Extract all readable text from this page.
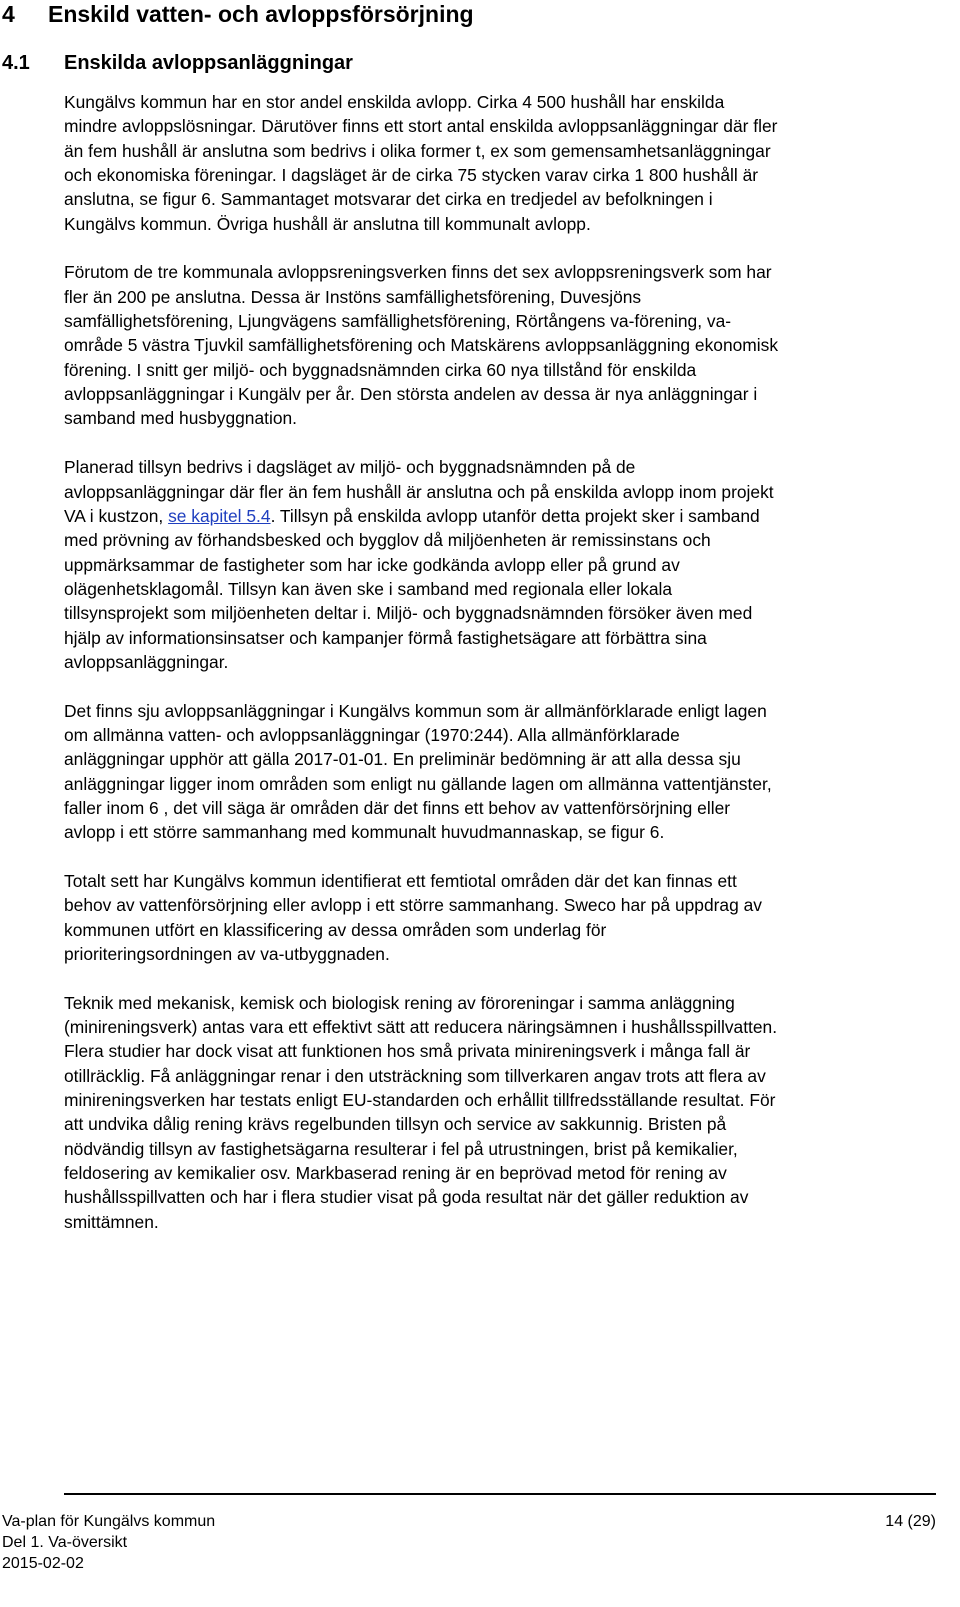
4 Enskild vatten- och avloppsförsörjning
4.1 Enskilda avloppsanläggningar
Kungälvs kommun har en stor andel enskilda avlopp. Cirka 4 500 hushåll har enskilda
mindre avloppslösningar. Därutöver finns ett stort antal enskilda avloppsanläggningar där fler
än fem hushåll är anslutna som bedrivs i olika former t, ex som gemensamhetsanläggningar
och ekonomiska föreningar. I dagsläget är de cirka 75 stycken varav cirka 1 800 hushåll är
anslutna, se figur 6. Sammantaget motsvarar det cirka en tredjedel av befolkningen i
Kungälvs kommun. Övriga hushåll är anslutna till kommunalt avlopp.
Förutom de tre kommunala avloppsreningsverken finns det sex avloppsreningsverk som har
fler än 200 pe anslutna. Dessa är Instöns samfällighetsförening, Duvesjöns
samfällighetsförening, Ljungvägens samfällighetsförening, Rörtångens va-förening, va-
område 5 västra Tjuvkil samfällighetsförening och Matskärens avloppsanläggning ekonomisk
förening. I snitt ger miljö- och byggnadsnämnden cirka 60 nya tillstånd för enskilda
avloppsanläggningar i Kungälv per år. Den största andelen av dessa är nya anläggningar i
samband med husbyggnation.
Planerad tillsyn bedrivs i dagsläget av miljö- och byggnadsnämnden på de
avloppsanläggningar där fler än fem hushåll är anslutna och på enskilda avlopp inom projekt
VA i kustzon, se kapitel 5.4. Tillsyn på enskilda avlopp utanför detta projekt sker i samband
med prövning av förhandsbesked och bygglov då miljöenheten är remissinstans och
uppmärksammar de fastigheter som har icke godkända avlopp eller på grund av
olägenhetsklagomål. Tillsyn kan även ske i samband med regionala eller lokala
tillsynsprojekt som miljöenheten deltar i. Miljö- och byggnadsnämnden försöker även med
hjälp av informationsinsatser och kampanjer förmå fastighetsägare att förbättra sina
avloppsanläggningar.
Det finns sju avloppsanläggningar i Kungälvs kommun som är allmänförklarade enligt lagen
om allmänna vatten- och avloppsanläggningar (1970:244). Alla allmänförklarade
anläggningar upphör att gälla 2017-01-01. En preliminär bedömning är att alla dessa sju
anläggningar ligger inom områden som enligt nu gällande lagen om allmänna vattentjänster,
faller inom 6 , det vill säga är områden där det finns ett behov av vattenförsörjning eller
avlopp i ett större sammanhang med kommunalt huvudmannaskap, se figur 6.
Totalt sett har Kungälvs kommun identifierat ett femtiotal områden där det kan finnas ett
behov av vattenförsörjning eller avlopp i ett större sammanhang. Sweco har på uppdrag av
kommunen utfört en klassificering av dessa områden som underlag för
prioriteringsordningen av va-utbyggnaden.
Teknik med mekanisk, kemisk och biologisk rening av föroreningar i samma anläggning
(minireningsverk) antas vara ett effektivt sätt att reducera näringsämnen i hushållsspillvatten.
Flera studier har dock visat att funktionen hos små privata minireningsverk i många fall är
otillräcklig. Få anläggningar renar i den utsträckning som tillverkaren angav trots att flera av
minireningsverken har testats enligt EU-standarden och erhållit tillfredsställande resultat. För
att undvika dålig rening krävs regelbunden tillsyn och service av sakkunnig. Bristen på
nödvändig tillsyn av fastighetsägarna resulterar i fel på utrustningen, brist på kemikalier,
feldosering av kemikalier osv. Markbaserad rening är en beprövad metod för rening av
hushållsspillvatten och har i flera studier visat på goda resultat när det gäller reduktion av
smittämnen.
Va-plan för Kungälvs kommun	14 (29)
Del 1. Va-översikt
2015-02-02
